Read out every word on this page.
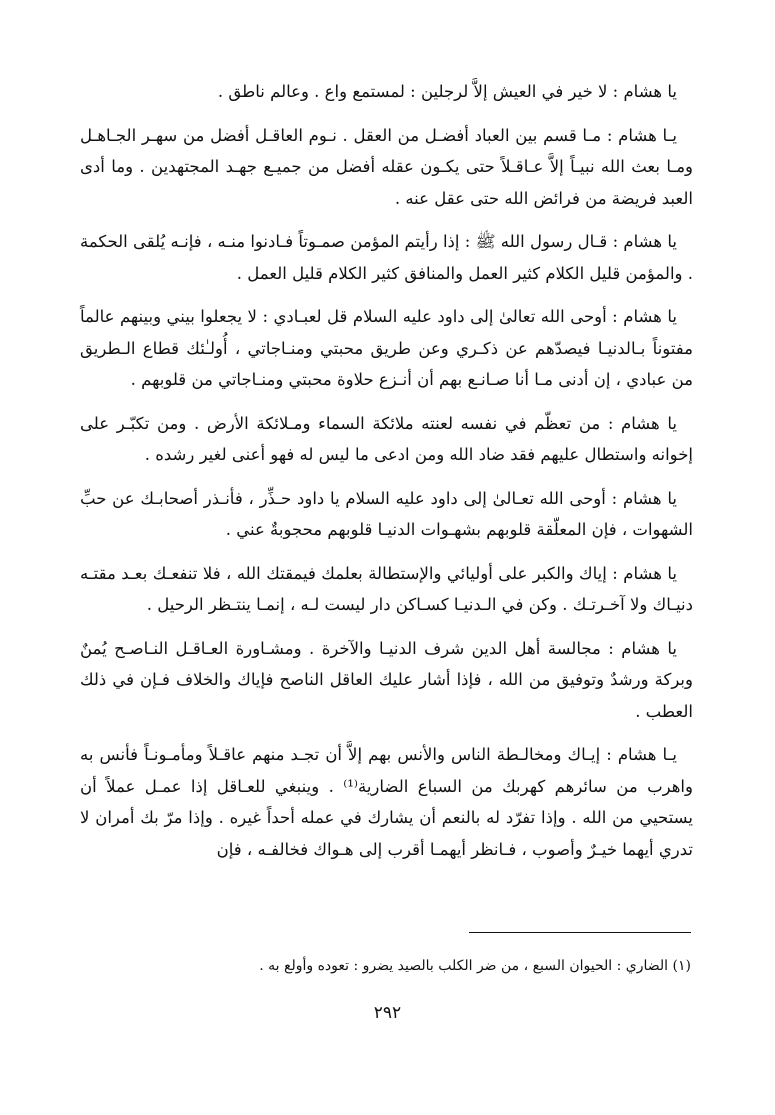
يا هشام : لا خير في العيش إلاَّ لرجلين : لمستمع واع . وعالم ناطق .

يـا هشام : مـا قسم بين العباد أفضـل من العقل . نـوم العاقـل أفضل من سهـر الجـاهـل ومـا بعث الله نبيـاً إلاَّ عـاقـلاً حتى يكـون عقله أفضل من جميـع جهـد المجتهدين . وما أدى العبد فريضة من فرائض الله حتى عقل عنه .

يا هشام : قـال رسول الله ﷺ : إذا رأيتم المؤمن صمـوتاً فـادنوا منـه ، فإنـه يُلقى الحكمة . والمؤمن قليل الكلام كثير العمل والمنافق كثير الكلام قليل العمل .

يا هشام : أوحى الله تعالىٰ إلى داود عليه السلام قل لعبـادي : لا يجعلوا بيني وبينهم عالماً مفتوناً بـالدنيـا فيصدّهم عن ذكـري وعن طريق محبتي ومنـاجاتي ، أُولـٰئك قطاع الـطريق من عبادي ، إن أدنى مـا أنا صـانـع بهم أن أنـزع حلاوة محبتي ومنـاجاتي من قلوبهم .

يا هشام : من تعظّم في نفسه لعنته ملائكة السماء ومـلائكة الأرض . ومن تكبّـر على إخوانه واستطال عليهم فقد ضاد الله ومن ادعى ما ليس له فهو أعنى لغير رشده .

يا هشام : أوحى الله تعـالىٰ إلى داود عليه السلام يا داود حـذِّر ، فأنـذر أصحابـك عن حبِّ الشهوات ، فإن المعلّقة قلوبهم بشهـوات الدنيـا قلوبهم محجوبةٌ عني .

يا هشام : إياك والكبر على أوليائي والإستطالة بعلمك فيمقتك الله ، فلا تنفعـك بعـد مقتـه دنيـاك ولا آخـرتـك . وكن في الـدنيـا كسـاكن دار ليست لـه ، إنمـا ينتـظر الرحيل .

يا هشام : مجالسة أهل الدين شرف الدنيـا والآخرة . ومشـاورة العـاقـل النـاصـح يُمنٌ وبركة ورشدٌ وتوفيق من الله ، فإذا أشار عليك العاقل الناصح فإياك والخلاف فـإن في ذلك العطب .

يـا هشام : إيـاك ومخالـطة الناس والأنس بهم إلاَّ أن تجـد منهم عاقـلاً ومأمـونـاً فأنس به واهرب من سائرهم كهربك من السباع الضارية⁽¹⁾ . وينبغي للعـاقل إذا عمـل عملاً أن يستحيي من الله . وإذا تفرّد له بالنعم أن يشارك في عمله أحداً غيره . وإذا مرّ بك أمران لا تدري أيهما خيـرٌ وأصوب ، فـانظر أيهمـا أقرب إلى هـواك فخالفـه ، فإن

(١) الضاري : الحيوان السبع ، من ضر الكلب بالصيد يضرو : تعوده وأولع به .
٢٩٢
